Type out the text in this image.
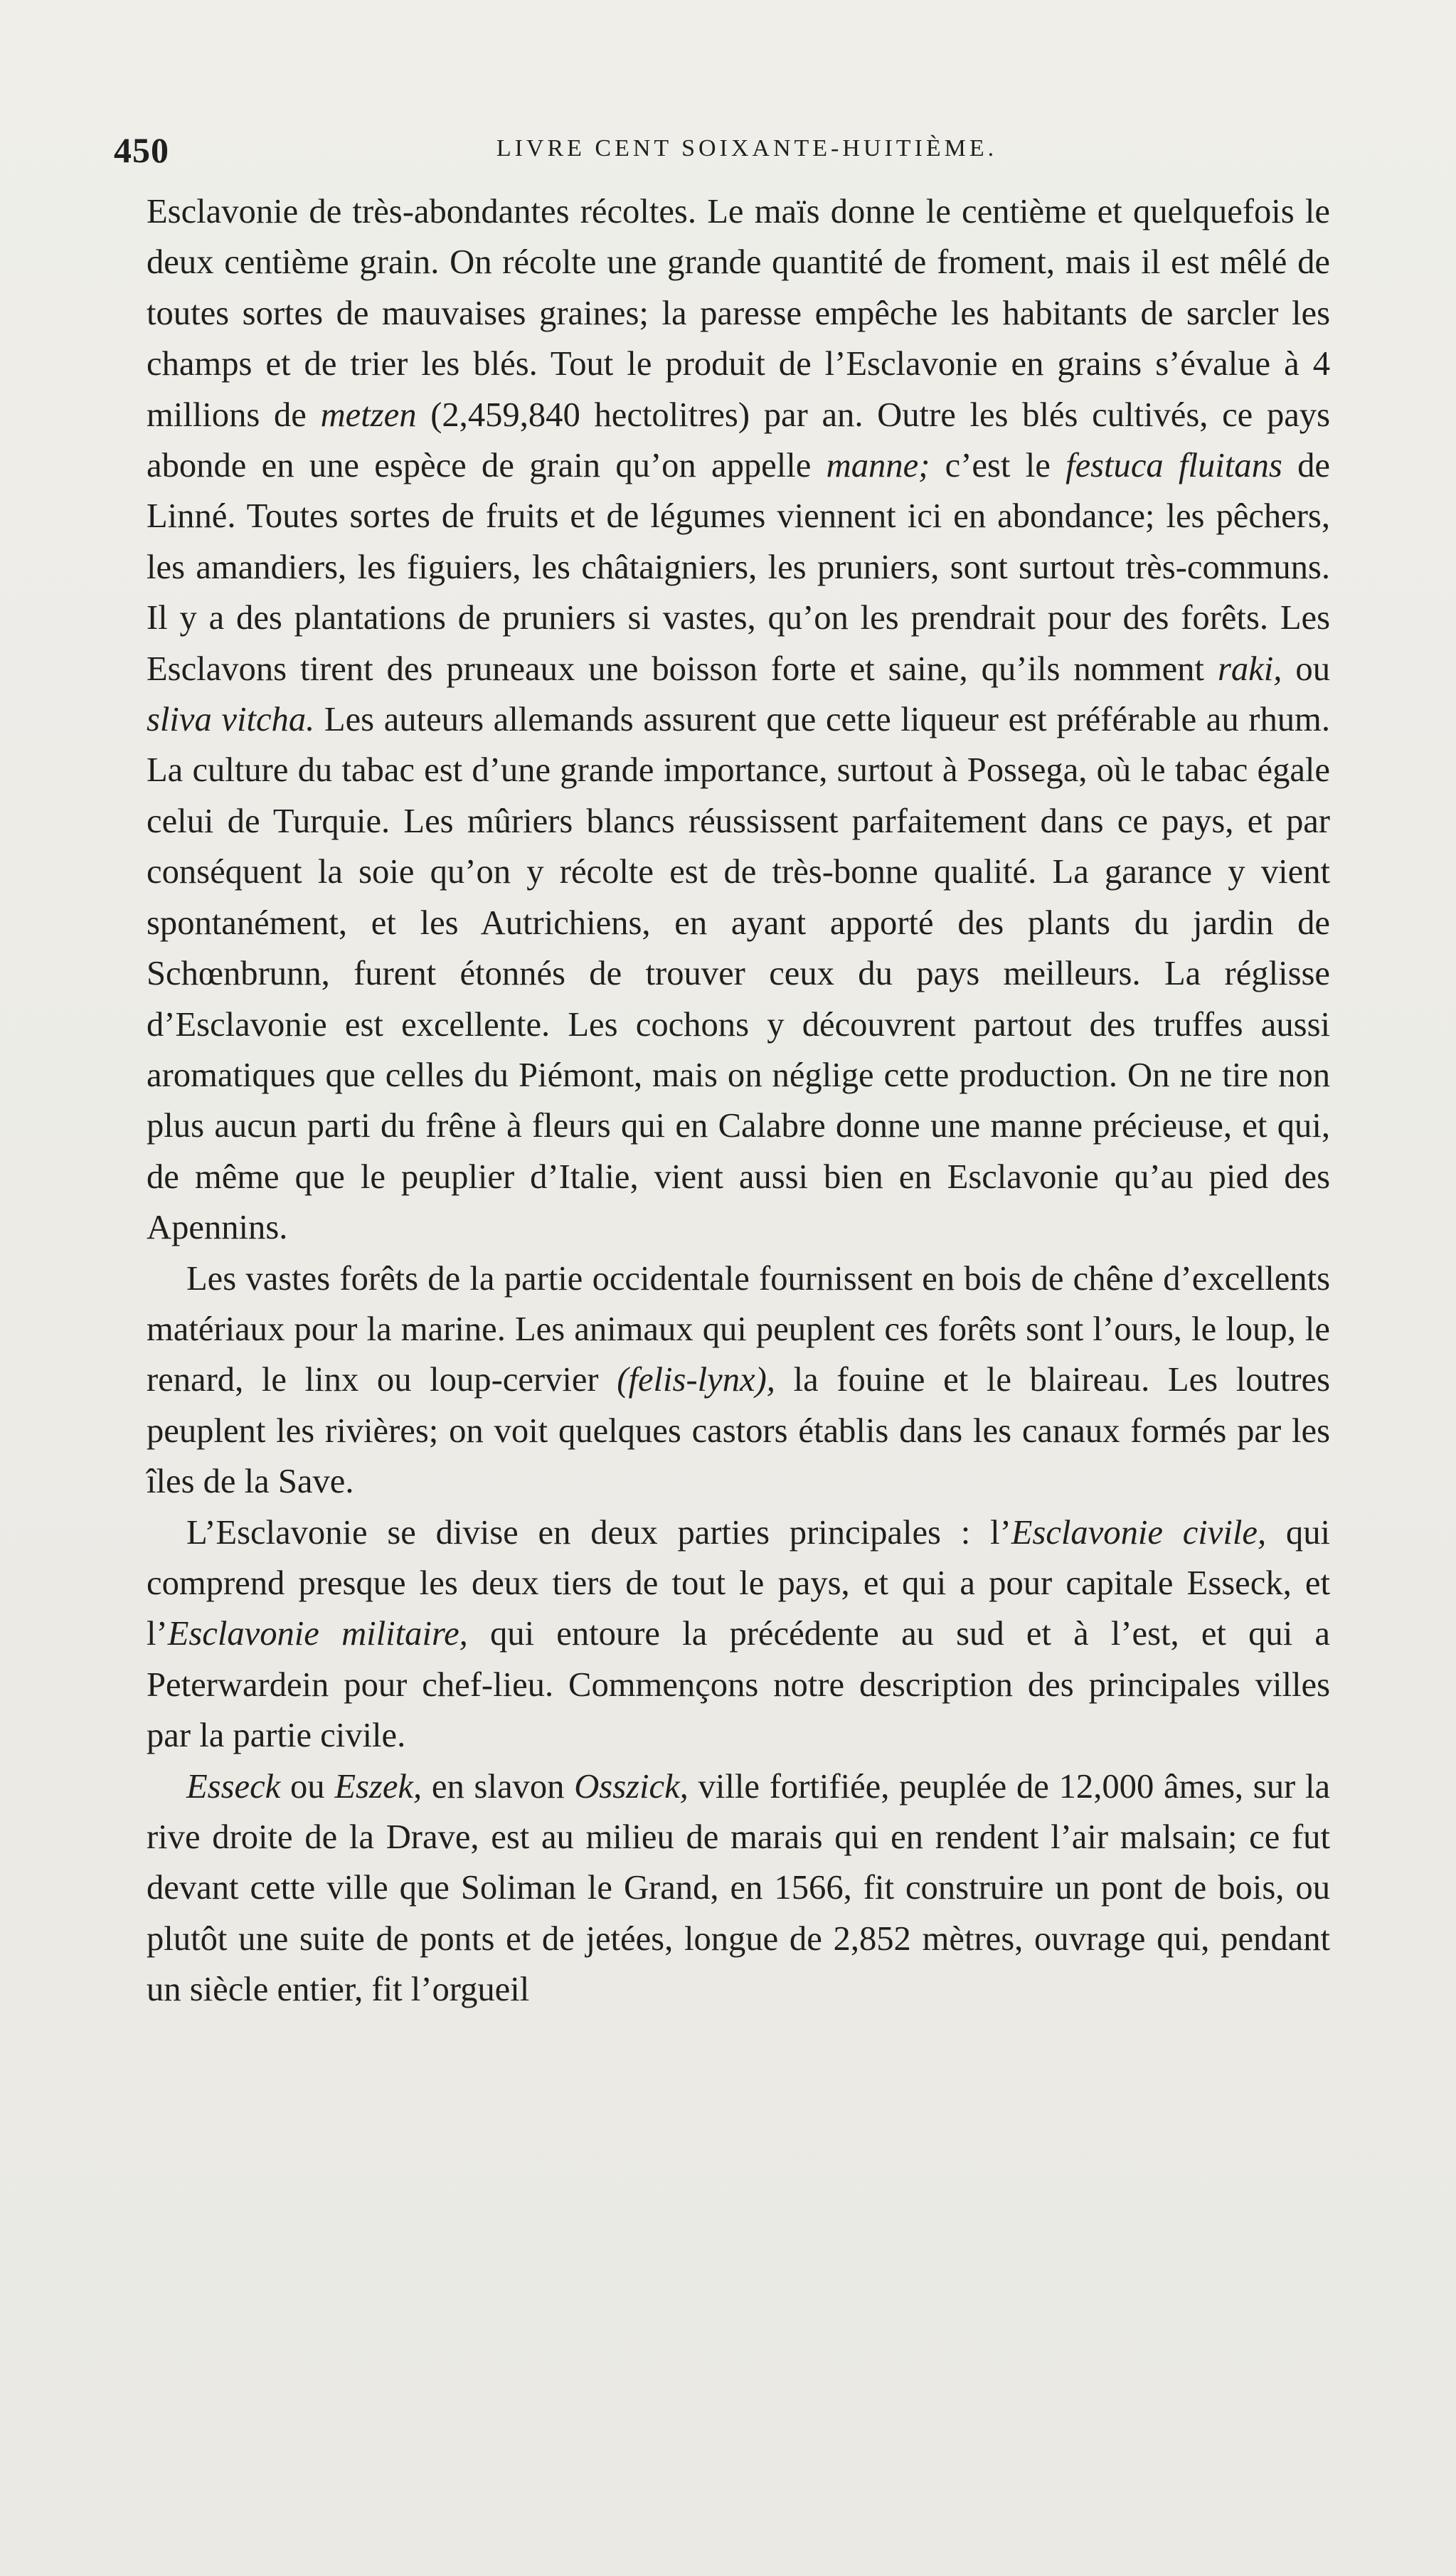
450	LIVRE CENT SOIXANTE-HUITIÈME.

Esclavonie de très-abondantes récoltes. Le maïs donne le centième et quelquefois le deux centième grain. On récolte une grande quantité de froment, mais il est mêlé de toutes sortes de mauvaises graines; la paresse empêche les habitants de sarcler les champs et de trier les blés. Tout le produit de l’Esclavonie en grains s’évalue à 4 millions de metzen (2,459,840 hectolitres) par an. Outre les blés cultivés, ce pays abonde en une espèce de grain qu’on appelle manne; c’est le festuca fluitans de Linné. Toutes sortes de fruits et de légumes viennent ici en abondance; les pêchers, les amandiers, les figuiers, les châtaigniers, les pruniers, sont surtout très-communs. Il y a des plantations de pruniers si vastes, qu’on les prendrait pour des forêts. Les Esclavons tirent des pruneaux une boisson forte et saine, qu’ils nomment raki, ou sliva vitcha. Les auteurs allemands assurent que cette liqueur est préférable au rhum. La culture du tabac est d’une grande importance, surtout à Possega, où le tabac égale celui de Turquie. Les mûriers blancs réussissent parfaitement dans ce pays, et par conséquent la soie qu’on y récolte est de très-bonne qualité. La garance y vient spontanément, et les Autrichiens, en ayant apporté des plants du jardin de Schœnbrunn, furent étonnés de trouver ceux du pays meilleurs. La réglisse d’Esclavonie est excellente. Les cochons y découvrent partout des truffes aussi aromatiques que celles du Piémont, mais on néglige cette production. On ne tire non plus aucun parti du frêne à fleurs qui en Calabre donne une manne précieuse, et qui, de même que le peuplier d’Italie, vient aussi bien en Esclavonie qu’au pied des Apennins.

Les vastes forêts de la partie occidentale fournissent en bois de chêne d’excellents matériaux pour la marine. Les animaux qui peuplent ces forêts sont l’ours, le loup, le renard, le linx ou loup-cervier (felis-lynx), la fouine et le blaireau. Les loutres peuplent les rivières; on voit quelques castors établis dans les canaux formés par les îles de la Save.

L’Esclavonie se divise en deux parties principales : l’Esclavonie civile, qui comprend presque les deux tiers de tout le pays, et qui a pour capitale Esseck, et l’Esclavonie militaire, qui entoure la précédente au sud et à l’est, et qui a Peterwardein pour chef-lieu. Commençons notre description des principales villes par la partie civile.

Esseck ou Eszek, en slavon Osszick, ville fortifiée, peuplée de 12,000 âmes, sur la rive droite de la Drave, est au milieu de marais qui en rendent l’air malsain; ce fut devant cette ville que Soliman le Grand, en 1566, fit construire un pont de bois, ou plutôt une suite de ponts et de jetées, longue de 2,852 mètres, ouvrage qui, pendant un siècle entier, fit l’orgueil
